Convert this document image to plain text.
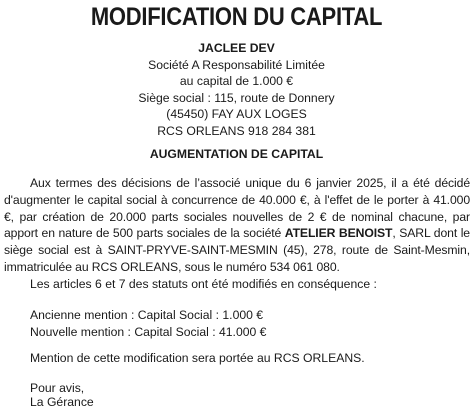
MODIFICATION DU CAPITAL
JACLEE DEV
Société A Responsabilité Limitée
au capital de 1.000 €
Siège social : 115, route de Donnery
(45450) FAY AUX LOGES
RCS ORLEANS 918 284 381
AUGMENTATION DE CAPITAL
Aux termes des décisions de l’associé unique du 6 janvier 2025, il a été décidé d'augmenter le capital social à concurrence de 40.000 €, à l'effet de le porter à 41.000 €, par création de 20.000 parts sociales nouvelles de 2 € de nominal chacune, par apport en nature de 500 parts sociales de la société ATELIER BENOIST, SARL dont le siège social est à SAINT-PRYVE-SAINT-MESMIN (45), 278, route de Saint-Mesmin, immatriculée au RCS ORLEANS, sous le numéro 534 061 080.
Les articles 6 et 7 des statuts ont été modifiés en conséquence :
Ancienne mention : Capital Social : 1.000 €
Nouvelle mention : Capital Social : 41.000 €
Mention de cette modification sera portée au RCS ORLEANS.
Pour avis,
La Gérance
